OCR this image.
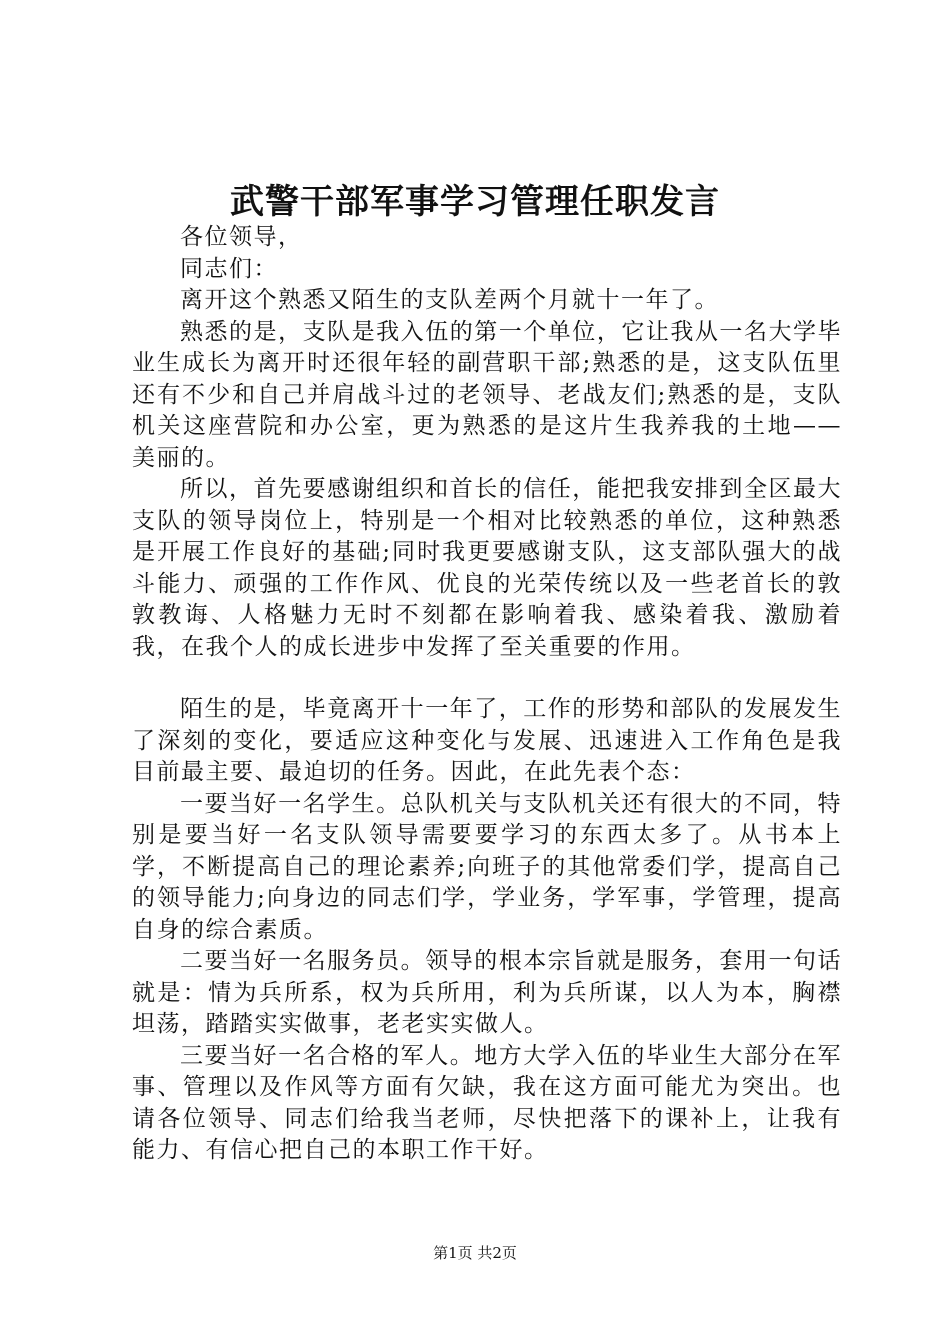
武警干部军事学习管理任职发言

各位领导，

同志们：

离开这个熟悉又陌生的支队差两个月就十一年了。

熟悉的是，支队是我入伍的第一个单位，它让我从一名大学毕业生成长为离开时还很年轻的副营职干部;熟悉的是，这支队伍里还有不少和自己并肩战斗过的老领导、老战友们;熟悉的是，支队机关这座营院和办公室，更为熟悉的是这片生我养我的土地——美丽的。

所以，首先要感谢组织和首长的信任，能把我安排到全区最大支队的领导岗位上，特别是一个相对比较熟悉的单位，这种熟悉是开展工作良好的基础;同时我更要感谢支队，这支部队强大的战斗能力、顽强的工作作风、优良的光荣传统以及一些老首长的敦敦教诲、人格魅力无时不刻都在影响着我、感染着我、激励着我，在我个人的成长进步中发挥了至关重要的作用。

陌生的是，毕竟离开十一年了，工作的形势和部队的发展发生了深刻的变化，要适应这种变化与发展、迅速进入工作角色是我目前最主要、最迫切的任务。因此，在此先表个态：

一要当好一名学生。总队机关与支队机关还有很大的不同，特别是要当好一名支队领导需要要学习的东西太多了。从书本上学，不断提高自己的理论素养;向班子的其他常委们学，提高自己的领导能力;向身边的同志们学，学业务，学军事，学管理，提高自身的综合素质。

二要当好一名服务员。领导的根本宗旨就是服务，套用一句话就是：情为兵所系，权为兵所用，利为兵所谋，以人为本，胸襟坦荡，踏踏实实做事，老老实实做人。

三要当好一名合格的军人。地方大学入伍的毕业生大部分在军事、管理以及作风等方面有欠缺，我在这方面可能尤为突出。也请各位领导、同志们给我当老师，尽快把落下的课补上，让我有能力、有信心把自己的本职工作干好。

第1页 共2页
